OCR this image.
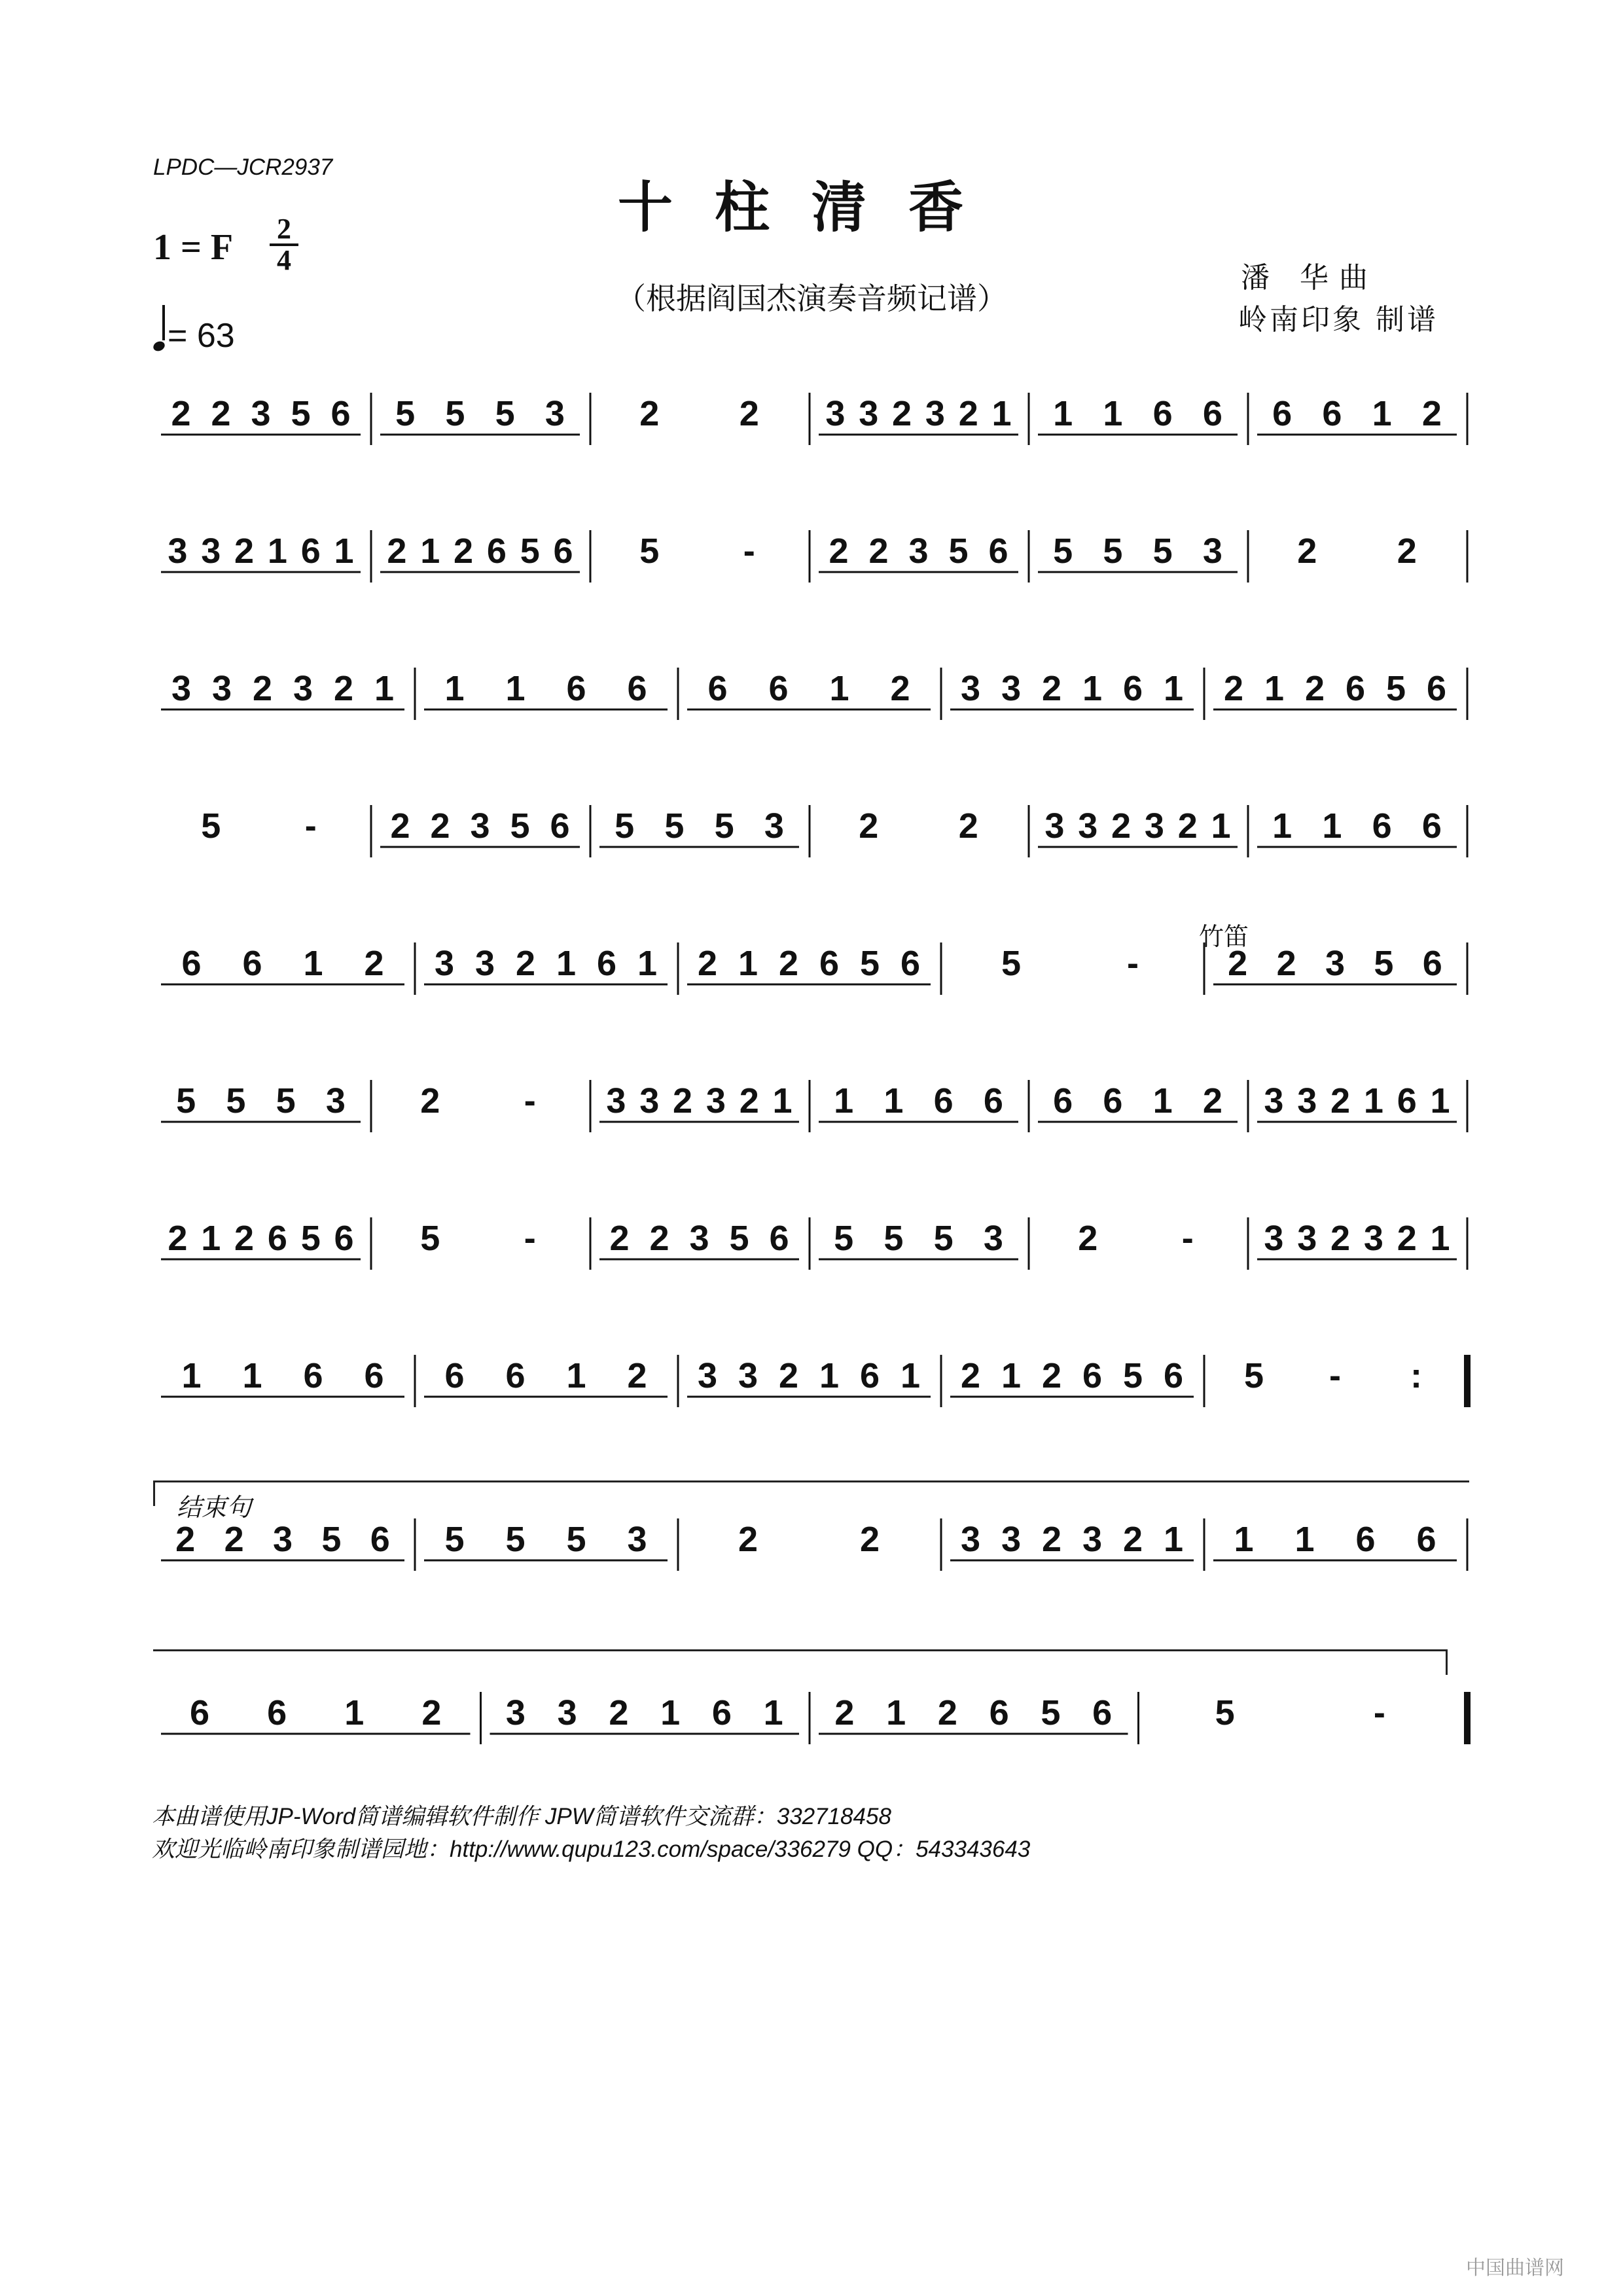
LPDC—JCR2937
十柱清香
（根据阎国杰演奏音频记谱）
1 = F 2
4
= 63
潘 华曲
岭南印象 制谱
竹笛
结束句
2 2 3 5 6 5 5 5 3 2 2 3 3 2 3 2 1 1 1 6 6 6 6 1 2
3 3 2 1 6 1 2 1 2 6 5 6 5 - 2 2 3 5 6 5 5 5 3 2 2
3 3 2 3 2 1 1 1 6 6 6 6 1 2 3 3 2 1 6 1 2 1 2 6 5 6
5 - 2 2 3 5 6 5 5 5 3 2 2 3 3 2 3 2 1 1 1 6 6
6 6 1 2 3 3 2 1 6 1 2 1 2 6 5 6 5	-	2 2 3 5 6
5 5 5 3 2 - 3 3 2 3 2 1 1 1 6 6 6 6 1 2 3 3 2 1 6 1
2 1 2 6 5 6 5 - 2 2 3 5 6 5 5 5 3 2 - 3 3 2 3 2 1
1 1 6 6 6 6 1 2 3 3 2 1 6 1 2 1 2 6 5 6 5 - :
2 2 3 5 6 5 5 5 3	2	2 3 3 2 3 2 1 1 1 6 6
6 6 1 2 3 3 2 1 6 1 2 1 2 6 5 6	5	-
本曲谱使用JP-Word简谱编辑软件制作 JPW简谱软件交流群：332718458
欢迎光临岭南印象制谱园地：http://www.qupu123.com/space/336279 QQ：543343643
中国曲谱网
